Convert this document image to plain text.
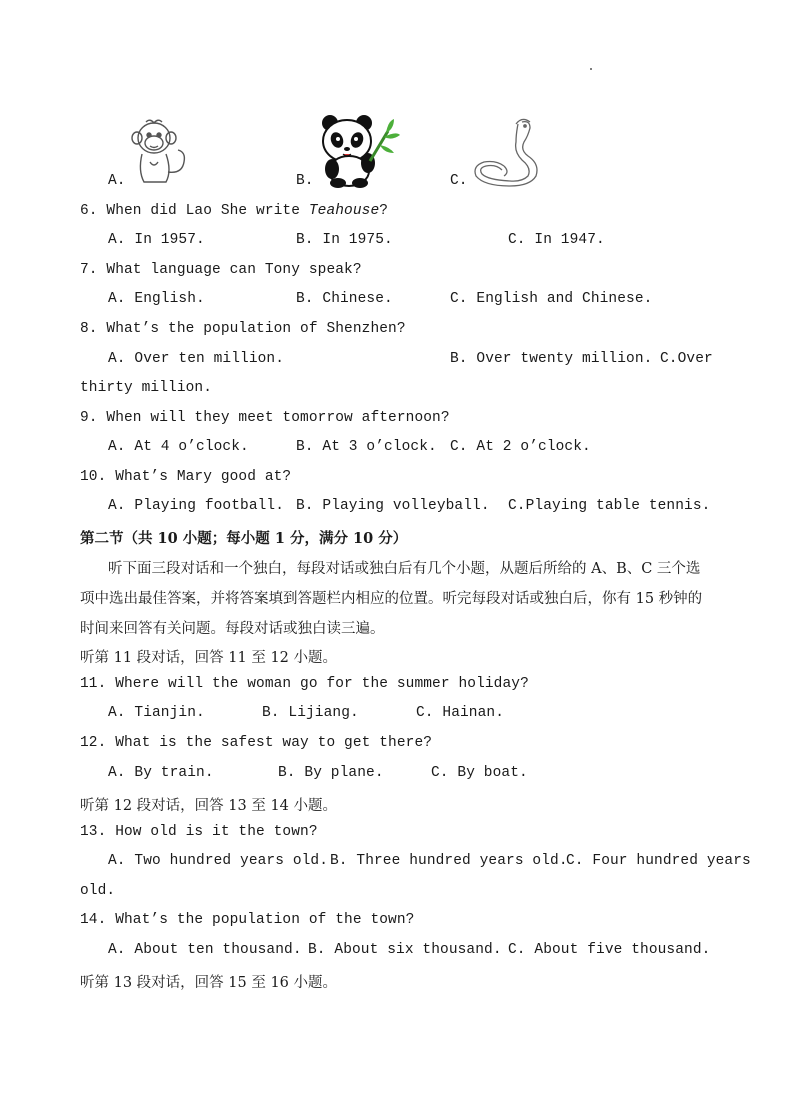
A.	B.	C.
6. When did Lao She write Teahouse?
A. In 1957.	B. In 1975.	C. In 1947.
7. What language can Tony speak?
A. English.	B. Chinese.	C. English and Chinese.
8. What’s the population of Shenzhen?
A. Over ten million.	B. Over twenty million. C.Over
thirty million.
9. When will they meet tomorrow afternoon?
A. At 4 o’clock.	B. At 3 o’clock. C. At 2 o’clock.
10. What’s Mary good at?
A. Playing football. B. Playing volleyball. C.Playing table tennis.
第二节（共 10 小题；每小题 1 分，满分 10 分）
听下面三段对话和一个独白，每段对话或独白后有几个小题，从题后所给的 A、B、C 三个选
项中选出最佳答案，并将答案填到答题栏内相应的位置。听完每段对话或独白后，你有 15 秒钟的
时间来回答有关问题。每段对话或独白读三遍。
听第 11 段对话，回答 11 至 12 小题。
11. Where will the woman go for the summer holiday?
A. Tianjin.	B. Lijiang.	C. Hainan.
12. What is the safest way to get there?
A. By train.	B. By plane.	C. By boat.
听第 12 段对话，回答 13 至 14 小题。
13. How old is it the town?
A. Two hundred years old. B. Three hundred years old.
C. Four hundred years
old.
14. What’s the population of the town?
A. About ten thousand. B. About six thousand. C. About five thousand.
听第 13 段对话，回答 15 至 16 小题。
